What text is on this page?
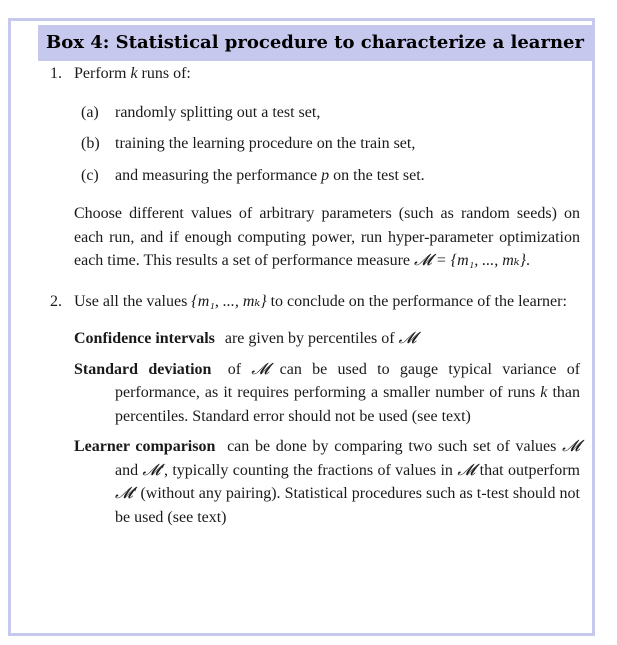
Box 4: Statistical procedure to characterize a learner
1. Perform k runs of:
(a) randomly splitting out a test set,
(b) training the learning procedure on the train set,
(c) and measuring the performance p on the test set.
Choose different values of arbitrary parameters (such as random seeds) on each run, and if enough computing power, run hyper-parameter optimization each time. This results a set of performance measure 𝓜 = {m₁, ..., mₖ}.
2. Use all the values {m₁, ..., mₖ} to conclude on the performance of the learner:
Confidence intervals are given by percentiles of 𝓜
Standard deviation of 𝓜 can be used to gauge typical variance of performance, as it requires performing a smaller number of runs k than percentiles. Standard error should not be used (see text)
Learner comparison can be done by comparing two such set of values 𝓜 and 𝓜′, typically counting the fractions of values in 𝓜 that outperform 𝓜′ (without any pairing). Statistical procedures such as t-test should not be used (see text)
